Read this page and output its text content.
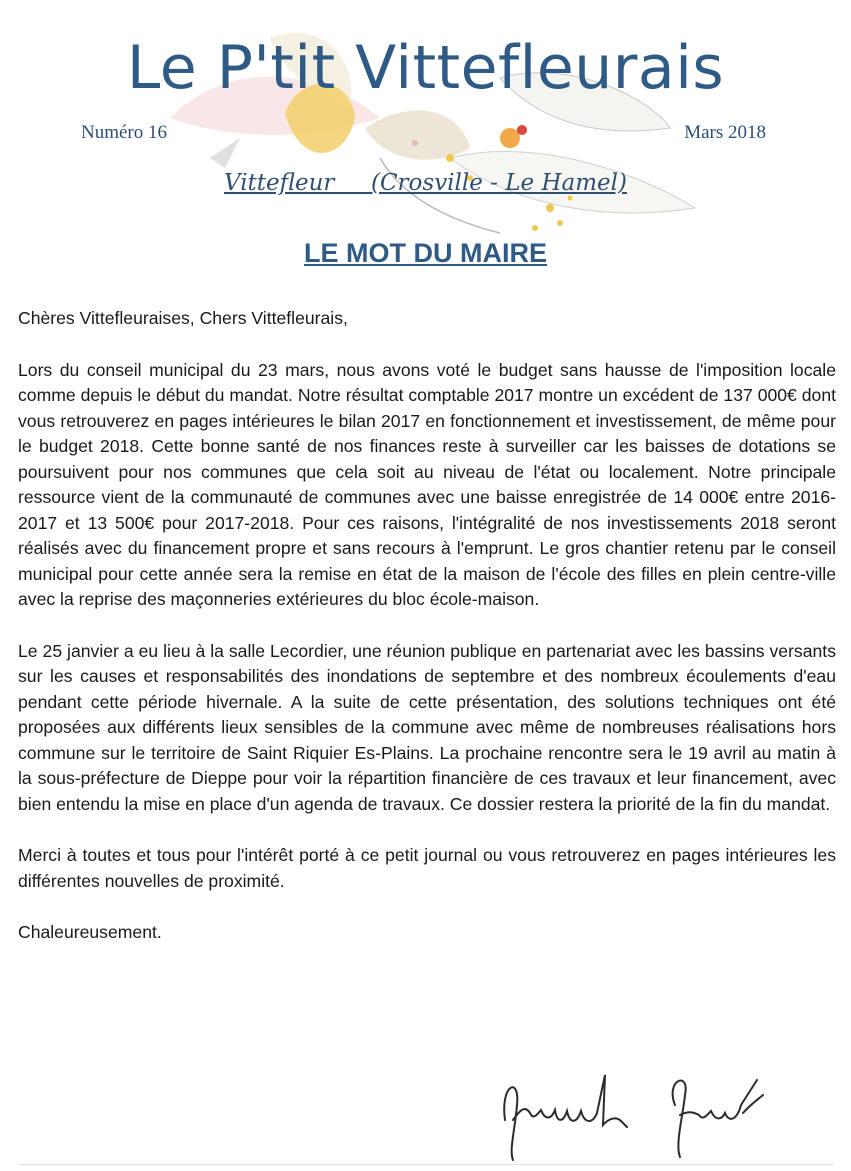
Le P'tit Vittefleurais
Numéro 16	Mars 2018
Vittefleur     (Crosville - Le Hamel)
LE MOT DU MAIRE

Chères Vittefleuraises, Chers Vittefleurais,

Lors du conseil municipal du 23 mars, nous avons voté le budget sans hausse de l'imposition locale comme depuis le début du mandat. Notre résultat comptable 2017 montre un excédent de 137 000€ dont vous retrouverez en pages intérieures le bilan 2017 en fonctionnement et investissement, de même pour le budget 2018. Cette bonne santé de nos finances reste à surveiller car les baisses de dotations se poursuivent pour nos communes que cela soit au niveau de l'état ou localement. Notre principale ressource vient de la communauté de communes avec une baisse enregistrée de 14 000€ entre 2016-2017 et 13 500€ pour 2017-2018. Pour ces raisons, l'intégralité de nos investissements 2018 seront réalisés avec du financement propre et sans recours à l'emprunt. Le gros chantier retenu par le conseil municipal pour cette année sera la remise en état de la maison de l'école des filles en plein centre-ville avec la reprise des maçonneries extérieures du bloc école-maison.

Le 25 janvier a eu lieu à la salle Lecordier, une réunion publique en partenariat avec les bassins versants sur les causes et responsabilités des inondations de septembre et des nombreux écoulements d'eau pendant cette période hivernale. A la suite de cette présentation, des solutions techniques ont été proposées aux différents lieux sensibles de la commune avec même de nombreuses réalisations hors commune sur le territoire de Saint Riquier Es-Plains. La prochaine rencontre sera le 19 avril au matin à la sous-préfecture de Dieppe pour voir la répartition financière de ces travaux et leur financement, avec bien entendu la mise en place d'un agenda de travaux. Ce dossier restera la priorité de la fin du mandat.

Merci à toutes et tous pour l'intérêt porté à ce petit journal ou vous retrouverez en pages intérieures les différentes nouvelles de proximité.

Chaleureusement.
